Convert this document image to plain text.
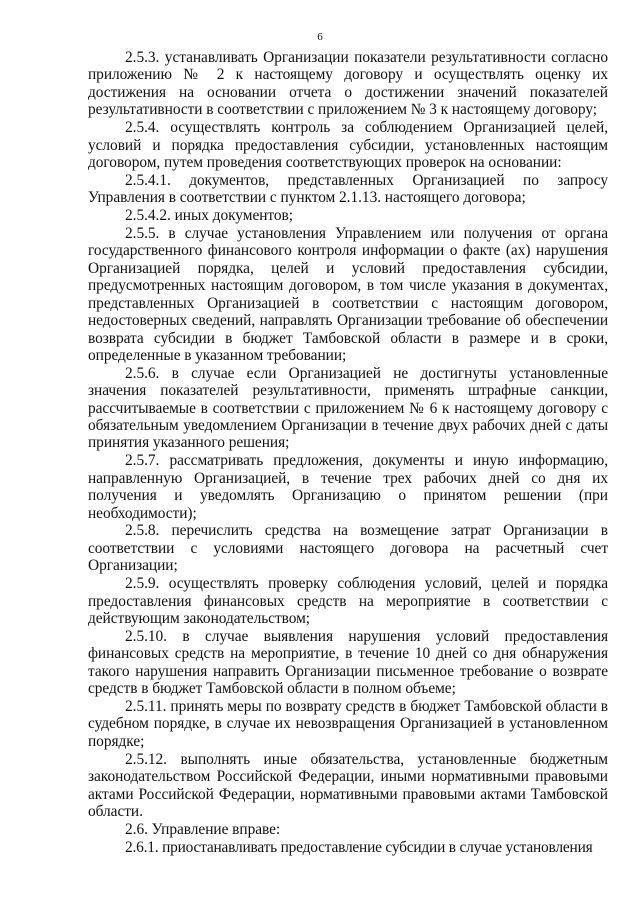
6

2.5.3. устанавливать Организации показатели результативности согласно приложению № 2 к настоящему договору и осуществлять оценку их достижения на основании отчета о достижении значений показателей результативности в соответствии с приложением № 3 к настоящему договору;

2.5.4. осуществлять контроль за соблюдением Организацией целей, условий и порядка предоставления субсидии, установленных настоящим договором, путем проведения соответствующих проверок на основании:

2.5.4.1. документов, представленных Организацией по запросу Управления в соответствии с пунктом 2.1.13. настоящего договора;

2.5.4.2. иных документов;

2.5.5. в случае установления Управлением или получения от органа государственного финансового контроля информации о факте (ах) нарушения Организацией порядка, целей и условий предоставления субсидии, предусмотренных настоящим договором, в том числе указания в документах, представленных Организацией в соответствии с настоящим договором, недостоверных сведений, направлять Организации требование об обеспечении возврата субсидии в бюджет Тамбовской области в размере и в сроки, определенные в указанном требовании;

2.5.6. в случае если Организацией не достигнуты установленные значения показателей результативности, применять штрафные санкции, рассчитываемые в соответствии с приложением № 6 к настоящему договору с обязательным уведомлением Организации в течение двух рабочих дней с даты принятия указанного решения;

2.5.7. рассматривать предложения, документы и иную информацию, направленную Организацией, в течение трех рабочих дней со дня их получения и уведомлять Организацию о принятом решении (при необходимости);

2.5.8. перечислить средства на возмещение затрат Организации в соответствии с условиями настоящего договора на расчетный счет Организации;

2.5.9. осуществлять проверку соблюдения условий, целей и порядка предоставления финансовых средств на мероприятие в соответствии с действующим законодательством;

2.5.10. в случае выявления нарушения условий предоставления финансовых средств на мероприятие, в течение 10 дней со дня обнаружения такого нарушения направить Организации письменное требование о возврате средств в бюджет Тамбовской области в полном объеме;

2.5.11. принять меры по возврату средств в бюджет Тамбовской области в судебном порядке, в случае их невозвращения Организацией в установленном порядке;

2.5.12. выполнять иные обязательства, установленные бюджетным законодательством Российской Федерации, иными нормативными правовыми актами Российской Федерации, нормативными правовыми актами Тамбовской области.

2.6. Управление вправе:

2.6.1. приостанавливать предоставление субсидии в случае установления
